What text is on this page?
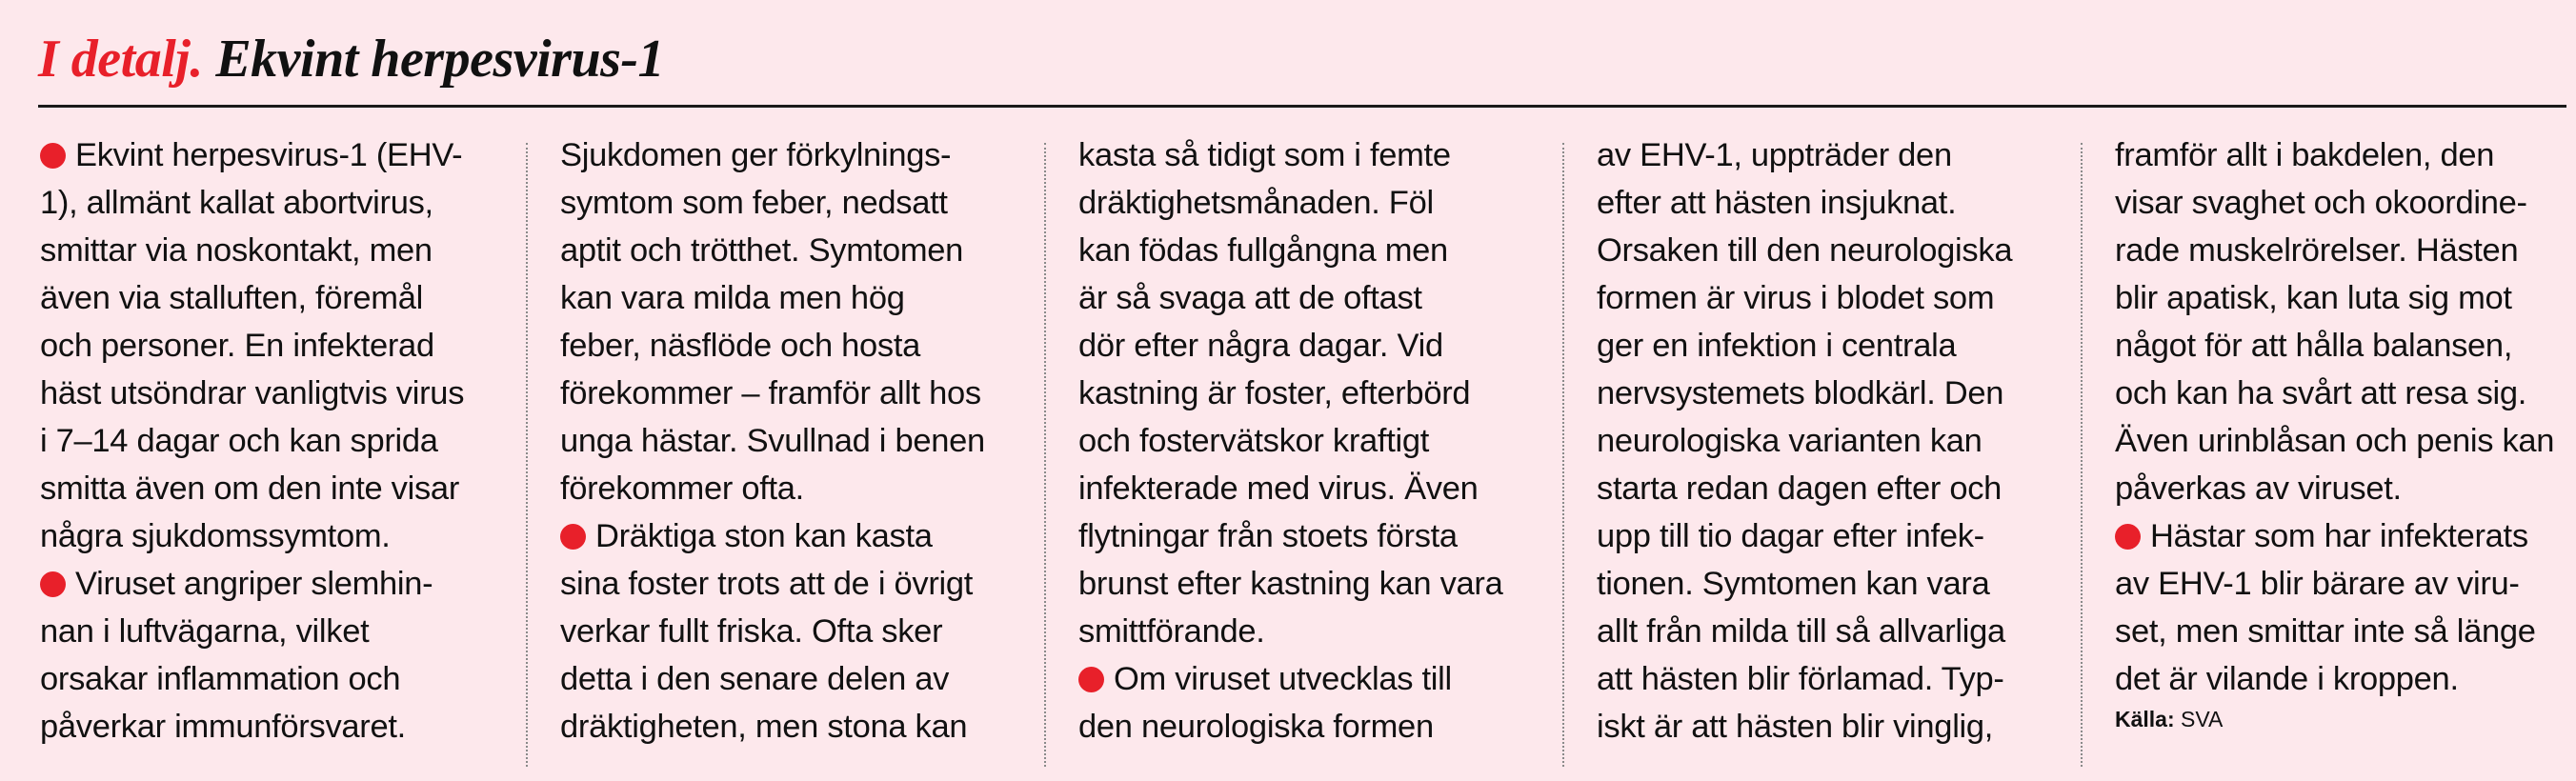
I detalj. Ekvint herpesvirus-1
Ekvint herpesvirus-1 (EHV-
1), allmänt kallat abortvirus,
smittar via noskontakt, men
även via stalluften, föremål
och personer. En infekterad
häst utsöndrar vanligtvis virus
i 7–14 dagar och kan sprida
smitta även om den inte visar
några sjukdomssymtom.
Viruset angriper slemhin-
nan i luftvägarna, vilket
orsakar inflammation och
påverkar immunförsvaret.
Sjukdomen ger förkylnings-
symtom som feber, nedsatt
aptit och trötthet. Symtomen
kan vara milda men hög
feber, näsflöde och hosta
förekommer – framför allt hos
unga hästar. Svullnad i benen
förekommer ofta.
Dräktiga ston kan kasta
sina foster trots att de i övrigt
verkar fullt friska. Ofta sker
detta i den senare delen av
dräktigheten, men stona kan
kasta så tidigt som i femte
dräktighetsmånaden. Föl
kan födas fullgångna men
är så svaga att de oftast
dör efter några dagar. Vid
kastning är foster, efterbörd
och fostervätskor kraftigt
infekterade med virus. Även
flytningar från stoets första
brunst efter kastning kan vara
smittförande.
Om viruset utvecklas till
den neurologiska formen
av EHV-1, uppträder den
efter att hästen insjuknat.
Orsaken till den neurologiska
formen är virus i blodet som
ger en infektion i centrala
nervsystemets blodkärl. Den
neurologiska varianten kan
starta redan dagen efter och
upp till tio dagar efter infek-
tionen. Symtomen kan vara
allt från milda till så allvarliga
att hästen blir förlamad. Typ-
iskt är att hästen blir vinglig,
framför allt i bakdelen, den
visar svaghet och okoordine-
rade muskelrörelser. Hästen
blir apatisk, kan luta sig mot
något för att hålla balansen,
och kan ha svårt att resa sig.
Även urinblåsan och penis kan
påverkas av viruset.
Hästar som har infekterats
av EHV-1 blir bärare av viru-
set, men smittar inte så länge
det är vilande i kroppen.
Källa: SVA
